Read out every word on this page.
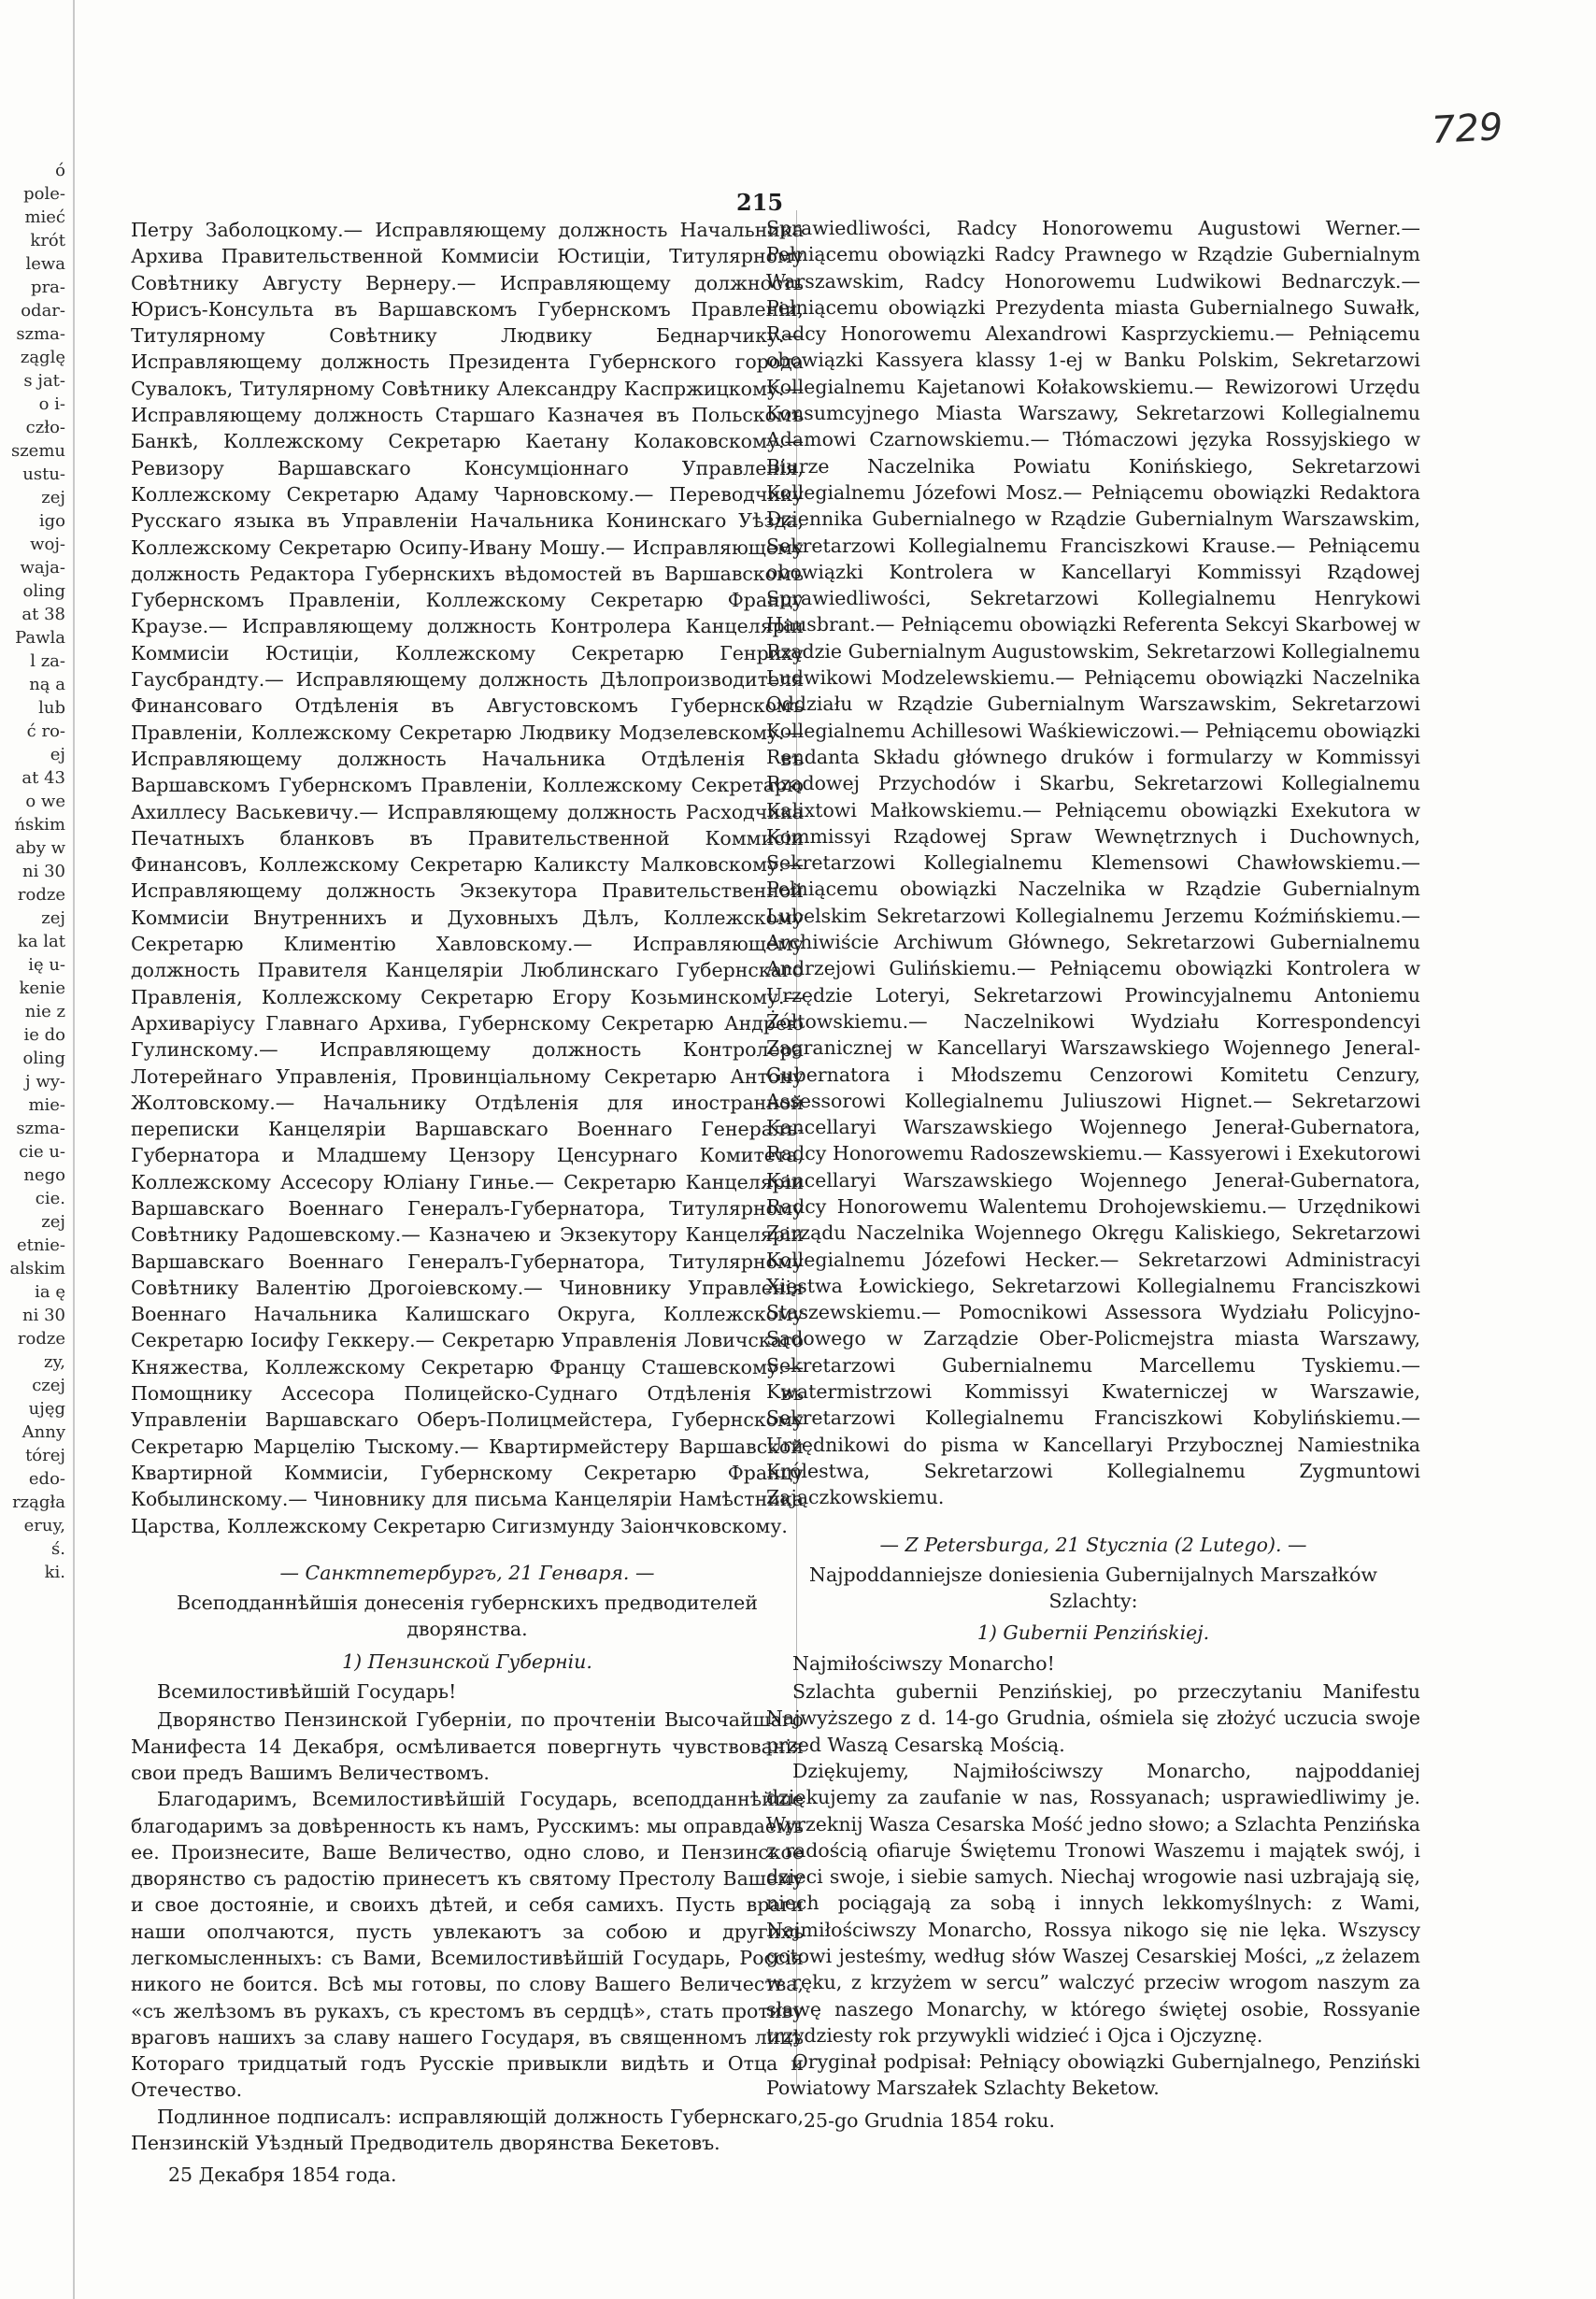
ó
pole-
mieć
krót
lewa
pra-
odar-
szma-
ząglę
s jat-
o i-
czło-
szemu
ustu-
zej
igo
woj-
waja-
oling
at 38
Pawla
l za-
ną a
lub
ć ro-
ej
at 43
o we
ńskim
aby w
ni 30
rodze
zej
ka lat
ię u-
kenie
nie z
ie do
oling
j wy-
mie-
szma-
cie u-
nego
cie.
zej
etnie-
alskim
ia ę
ni 30
rodze
zy,
czej
ujęg
Anny
tórej
edo-
rzągła
eruy,
ś.
ki.
729
215

Петру Заболоцкому.— Исправляющему должность Начальника Архива Правительственной Коммисіи Юстиціи, Титулярному Совѣтнику Августу Вернеру.— Исправляющему должность Юрисъ-Консульта въ Варшавскомъ Губернскомъ Правленіи, Титулярному Совѣтнику Людвику Беднарчику.— Исправляющему должность Президента Губернского города Сувалокъ, Титулярному Совѣтнику Александру Каспржицкому.— Исправляющему должность Старшаго Казначея въ Польскомъ Банкѣ, Коллежскому Секретарю Каетану Колаковскому.—Ревизору Варшавскаго Консумціоннаго Управленія, Коллежскому Секретарю Адаму Чарновскому.— Переводчику Русскаго языка въ Управленіи Начальника Конинскаго Уѣзда, Коллежскому Секретарю Осипу-Ивану Мошу.— Исправляющему должность Редактора Губернскихъ вѣдомостей въ Варшавскомъ Губернскомъ Правленіи, Коллежскому Секретарю Францу Краузе.— Исправляющему должность Контролера Канцеляріи Коммисіи Юстиціи, Коллежскому Секретарю Генриху Гаусбрандту.— Исправляющему должность Дѣлопроизводителя Финансоваго Отдѣленія въ Августовскомъ Губернскомъ Правленіи, Коллежскому Секретарю Людвику Модзелевскому.— Исправляющему должность Начальника Отдѣленія въ Варшавскомъ Губернскомъ Правленіи, Коллежскому Секретарю Ахиллесу Васькевичу.— Исправляющему должность Расходчика Печатныхъ бланковъ въ Правительственной Коммисіи Финансовъ, Коллежскому Секретарю Каликсту Малковскому.— Исправляющему должность Экзекутора Правительственной Коммисіи Внутреннихъ и Духовныхъ Дѣлъ, Коллежскому Секретарю Климентію Хавловскому.— Исправляющему должность Правителя Канцеляріи Люблинскаго Губернскаго Правленія, Коллежскому Секретарю Егору Козьминскому.— Архиваріусу Главнаго Архива, Губернскому Секретарю Андрею Гулинскому.— Исправляющему должность Контролера Лотерейнаго Управленія, Провинціальному Секретарю Антону Жолтовскому.— Начальнику Отдѣленія для иностранной переписки Канцеляріи Варшавскаго Военнаго Генералъ-Губернатора и Младшему Цензору Ценсурнаго Комитета, Коллежскому Ассесору Юліану Гинье.— Секретарю Канцеляріи Варшавскаго Военнаго Генералъ-Губернатора, Титулярному Совѣтнику Радошевскому.— Казначею и Экзекутору Канцеляріи Варшавскаго Военнаго Генералъ-Губернатора, Титулярному Совѣтнику Валентію Дрогоіевскому.— Чиновнику Управленія Военнаго Начальника Калишскаго Округа, Коллежскому Секретарю Іосифу Геккеру.— Секретарю Управленія Ловичскаго Княжества, Коллежскому Секретарю Францу Сташевскому.— Помощнику Ассесора Полицейско-Суднаго Отдѣленія въ Управленіи Варшавскаго Оберъ-Полицмейстера, Губернскому Секретарю Марцелію Тыскому.— Квартирмейстеру Варшавской Квартирной Коммисіи, Губернскому Секретарю Францу Кобылинскому.— Чиновнику для письма Канцеляріи Намѣстника Царства, Коллежскому Секретарю Сигизмунду Заіончковскому.

— Санктпетербургъ, 21 Генваря. —
Всеподданнѣйшія донесенія губернскихъ предводителей дворянства.
1) Пензинской Губерніи.

Всемилостивѣйшій Государь!

Дворянство Пензинской Губерніи, по прочтеніи Высочайшаго Манифеста 14 Декабря, осмѣливается повергнуть чувствованія свои предъ Вашимъ Величествомъ.

Благодаримъ, Всемилостивѣйшій Государь, всеподданнѣйше благодаримъ за довѣренность къ намъ, Русскимъ: мы оправдаемъ ее. Произнесите, Ваше Величество, одно слово, и Пензинское дворянство съ радостію принесетъ къ святому Престолу Вашему и свое достояніе, и своихъ дѣтей, и себя самихъ. Пусть враги наши ополчаются, пусть увлекаютъ за собою и другихъ легкомысленныхъ: съ Вами, Всемилостивѣйшій Государь, Россія никого не боится. Всѣ мы готовы, по слову Вашего Величества, «съ желѣзомъ въ рукахъ, съ крестомъ въ сердцѣ», стать противу враговъ нашихъ за славу нашего Государя, въ священномъ лицѣ Котораго тридцатый годъ Русскіе привыкли видѣть и Отца и Отечество.

Подлинное подписалъ: исправляющій должность Губернскаго, Пензинскій Уѣздный Предводитель дворянства Бекетовъ.

25 Декабря 1854 года.

Sprawiedliwości, Radcy Honorowemu Augustowi Werner.— Pełniącemu obowiązki Radcy Prawnego w Rządzie Gubernialnym Warszawskim, Radcy Honorowemu Ludwikowi Bednarczyk.— Pełniącemu obowiązki Prezydenta miasta Gubernialnego Suwałk, Radcy Honorowemu Alexandrowi Kasprzyckiemu.— Pełniącemu obowiązki Kassyera klassy 1-ej w Banku Polskim, Sekretarzowi Kollegialnemu Kajetanowi Kołakowskiemu.— Rewizorowi Urzędu Konsumcyjnego Miasta Warszawy, Sekretarzowi Kollegialnemu Adamowi Czarnowskiemu.— Tłómaczowi języka Rossyjskiego w Biurze Naczelnika Powiatu Konińskiego, Sekretarzowi Kollegialnemu Józefowi Mosz.— Pełniącemu obowiązki Redaktora Dziennika Gubernialnego w Rządzie Gubernialnym Warszawskim, Sekretarzowi Kollegialnemu Franciszkowi Krause.— Pełniącemu obowiązki Kontrolera w Kancellaryi Kommissyi Rządowej Sprawiedliwości, Sekretarzowi Kollegialnemu Henrykowi Hausbrant.— Pełniącemu obowiązki Referenta Sekcyi Skarbowej w Rządzie Gubernialnym Augustowskim, Sekretarzowi Kollegialnemu Ludwikowi Modzelewskiemu.— Pełniącemu obowiązki Naczelnika Oddziału w Rządzie Gubernialnym Warszawskim, Sekretarzowi Kollegialnemu Achillesowi Waśkiewiczowi.— Pełniącemu obowiązki Rendanta Składu głównego druków i formularzy w Kommissyi Rządowej Przychodów i Skarbu, Sekretarzowi Kollegialnemu Kalixtowi Małkowskiemu.— Pełniącemu obowiązki Exekutora w Kommissyi Rządowej Spraw Wewnętrznych i Duchownych, Sekretarzowi Kollegialnemu Klemensowi Chawłowskiemu.— Pełniącemu obowiązki Naczelnika w Rządzie Gubernialnym Lubelskim Sekretarzowi Kollegialnemu Jerzemu Koźmińskiemu.— Archiwiście Archiwum Głównego, Sekretarzowi Gubernialnemu Andrzejowi Gulińskiemu.— Pełniącemu obowiązki Kontrolera w Urzędzie Loteryi, Sekretarzowi Prowincyjalnemu Antoniemu Żółtowskiemu.— Naczelnikowi Wydziału Korrespondencyi Zagranicznej w Kancellaryi Warszawskiego Wojennego Jeneral-Gubernatora i Młodszemu Cenzorowi Komitetu Cenzury, Assessorowi Kollegialnemu Juliuszowi Hignet.— Sekretarzowi Kancellaryi Warszawskiego Wojennego Jenerał-Gubernatora, Radcy Honorowemu Radoszewskiemu.— Kassyerowi i Exekutorowi Kancellaryi Warszawskiego Wojennego Jenerał-Gubernatora, Radcy Honorowemu Walentemu Drohojewskiemu.— Urzędnikowi Zarządu Naczelnika Wojennego Okręgu Kaliskiego, Sekretarzowi Kollegialnemu Józefowi Hecker.— Sekretarzowi Administracyi Xięstwa Łowickiego, Sekretarzowi Kollegialnemu Franciszkowi Staszewskiemu.— Pomocnikowi Assessora Wydziału Policyjno-Sądowego w Zarządzie Ober-Policmejstra miasta Warszawy, Sekretarzowi Gubernialnemu Marcellemu Tyskiemu.— Kwatermistrzowi Kommissyi Kwaterniczej w Warszawie, Sekretarzowi Kollegialnemu Franciszkowi Kobylińskiemu.— Urzędnikowi do pisma w Kancellaryi Przybocznej Namiestnika Królestwa, Sekretarzowi Kollegialnemu Zygmuntowi Zajączkowskiemu.

— Z Petersburga, 21 Stycznia (2 Lutego). —
Najpoddanniejsze doniesienia Gubernijalnych Marszałków Szlachty:
1) Gubernii Penzińskiej.

Najmiłościwszy Monarcho!

Szlachta gubernii Penzińskiej, po przeczytaniu Manifestu Najwyższego z d. 14-go Grudnia, ośmiela się złożyć uczucia swoje przed Waszą Cesarską Mością.

Dziękujemy, Najmiłościwszy Monarcho, najpoddaniej dziękujemy za zaufanie w nas, Rossyanach; usprawiedliwimy je. Wyrzeknij Wasza Cesarska Mość jedno słowo; a Szlachta Penzińska z radością ofiaruje Świętemu Tronowi Waszemu i majątek swój, i dzieci swoje, i siebie samych. Niechaj wrogowie nasi uzbrajają się, niech pociągają za sobą i innych lekkomyślnych: z Wami, Najmiłościwszy Monarcho, Rossya nikogo się nie lęka. Wszyscy gotowi jesteśmy, według słów Waszej Cesarskiej Mości, „z żelazem w ręku, z krzyżem w sercu” walczyć przeciw wrogom naszym za sławę naszego Monarchy, w którego świętej osobie, Rossyanie trzydziesty rok przywykli widzieć i Ojca i Ojczyznę.

Oryginał podpisał: Pełniący obowiązki Gubernjalnego, Penziński Powiatowy Marszałek Szlachty Beketow.

25-go Grudnia 1854 roku.
